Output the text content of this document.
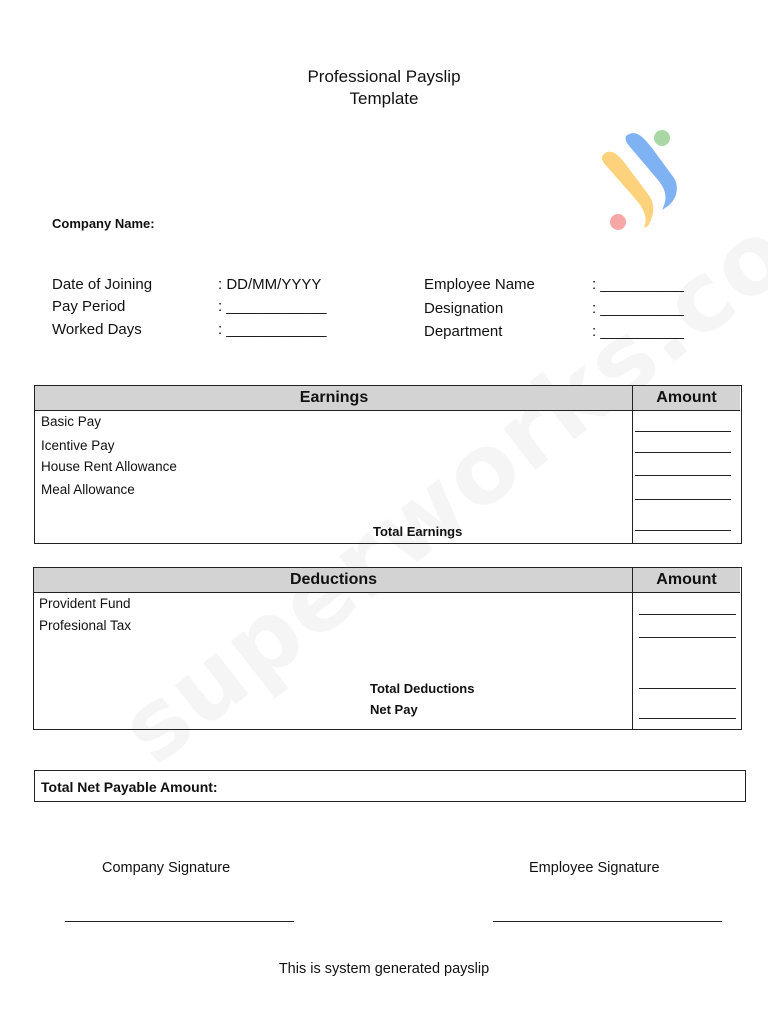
Professional Payslip
Template
Company Name:
Date of Joining	: DD/MM/YYYY
Pay Period	: ____________
Worked Days	: ____________
Employee Name	: __________
Designation	: __________
Department	: __________
Earnings	Amount
Basic Pay
Icentive Pay
House Rent Allowance
Meal Allowance
Total Earnings
Deductions	Amount
Provident Fund
Profesional Tax
Total Deductions
Net Pay
Total Net Payable Amount:
Company Signature	Employee Signature
This is system generated payslip
